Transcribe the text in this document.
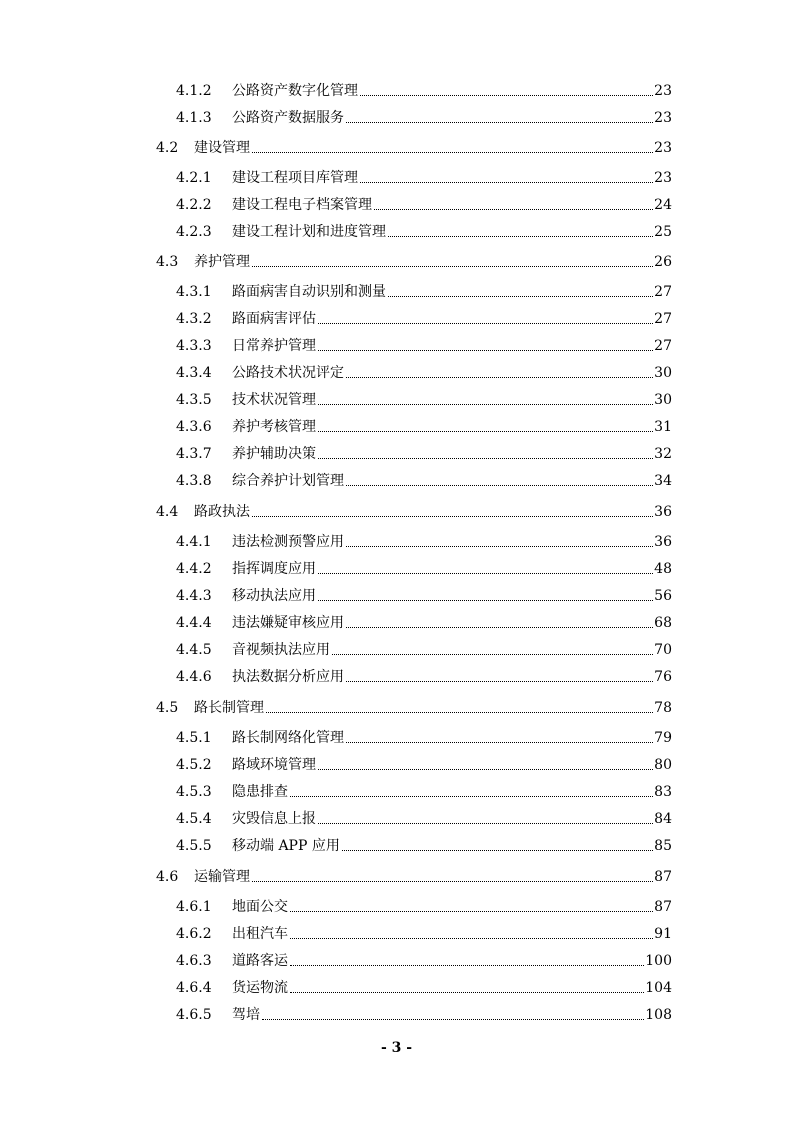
4.1.2	公路资产数字化管理	23
4.1.3	公路资产数据服务	23
4.2	建设管理	23
4.2.1	建设工程项目库管理	23
4.2.2	建设工程电子档案管理	24
4.2.3	建设工程计划和进度管理	25
4.3	养护管理	26
4.3.1	路面病害自动识别和测量	27
4.3.2	路面病害评估	27
4.3.3	日常养护管理	27
4.3.4	公路技术状况评定	30
4.3.5	技术状况管理	30
4.3.6	养护考核管理	31
4.3.7	养护辅助决策	32
4.3.8	综合养护计划管理	34
4.4	路政执法	36
4.4.1	违法检测预警应用	36
4.4.2	指挥调度应用	48
4.4.3	移动执法应用	56
4.4.4	违法嫌疑审核应用	68
4.4.5	音视频执法应用	70
4.4.6	执法数据分析应用	76
4.5	路长制管理	78
4.5.1	路长制网络化管理	79
4.5.2	路域环境管理	80
4.5.3	隐患排查	83
4.5.4	灾毁信息上报	84
4.5.5	移动端 APP 应用	85
4.6	运输管理	87
4.6.1	地面公交	87
4.6.2	出租汽车	91
4.6.3	道路客运	100
4.6.4	货运物流	104
4.6.5	驾培	108
- 3 -
